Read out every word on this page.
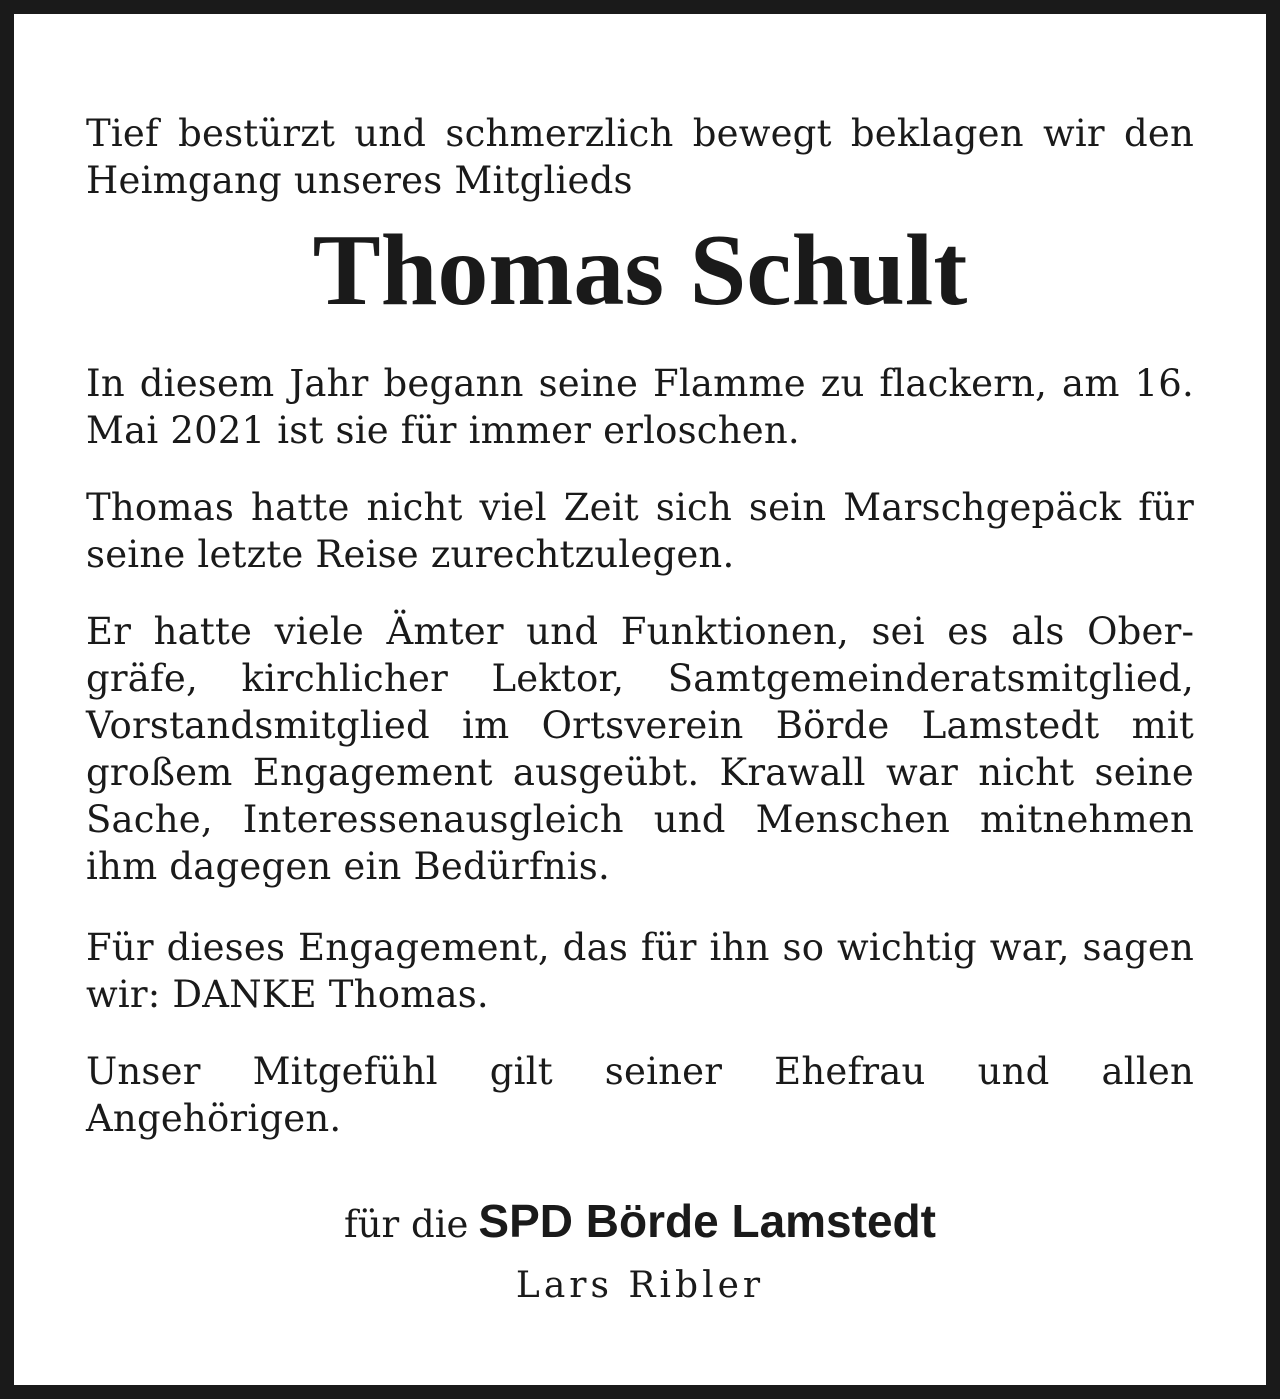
Tief bestürzt und schmerzlich bewegt beklagen wir den Heimgang unseres Mitglieds

Thomas Schult

In diesem Jahr begann seine Flamme zu flackern, am 16. Mai 2021 ist sie für immer erloschen.

Thomas hatte nicht viel Zeit sich sein Marschgepäck für seine letzte Reise zurechtzulegen.

Er hatte viele Ämter und Funktionen, sei es als Obergräfe, kirchlicher Lektor, Samtgemeinderatsmitglied, Vorstandsmitglied im Ortsverein Börde Lamstedt mit großem Engagement ausgeübt. Krawall war nicht seine Sache, Interessenausgleich und Menschen mitnehmen ihm dagegen ein Bedürfnis.

Für dieses Engagement, das für ihn so wichtig war, sagen wir: DANKE Thomas.

Unser Mitgefühl gilt seiner Ehefrau und allen Angehörigen.

für die SPD Börde Lamstedt
Lars Ribler
